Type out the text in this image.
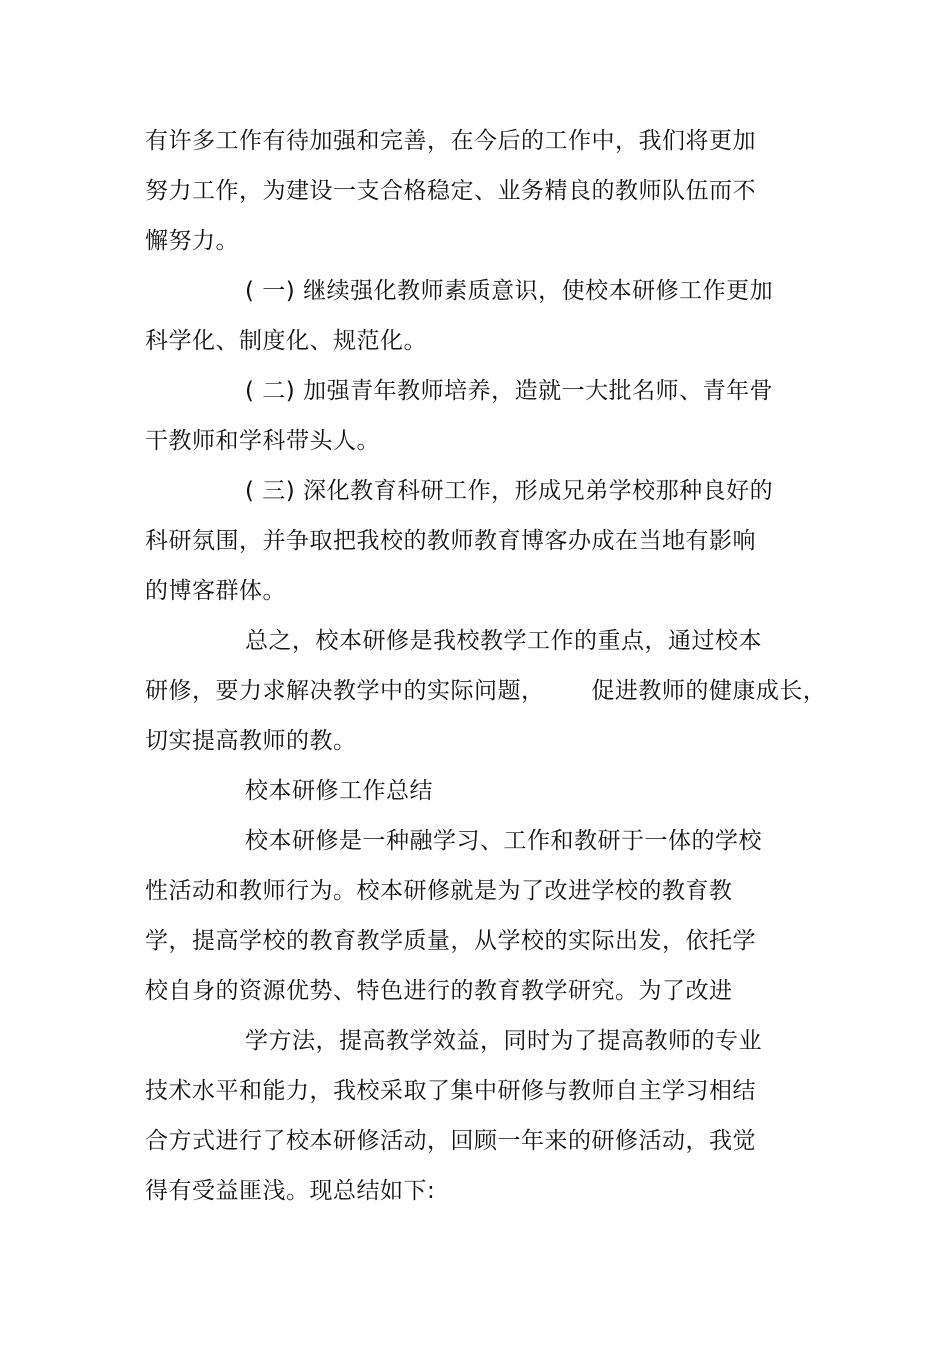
有许多工作有待加强和完善，在今后的工作中，我们将更加
努力工作，为建设一支合格稳定、业务精良的教师队伍而不
懈努力。
( 一) 继续强化教师素质意识，使校本研修工作更加
科学化、制度化、规范化。
( 二) 加强青年教师培养，造就一大批名师、青年骨
干教师和学科带头人。
( 三) 深化教育科研工作，形成兄弟学校那种良好的
科研氛围，并争取把我校的教师教育博客办成在当地有影响
的博客群体。
总之，校本研修是我校教学工作的重点，通过校本
研修，要力求解决教学中的实际问题，      促进教师的健康成长，
切实提高教师的教。
校本研修工作总结
校本研修是一种融学习、工作和教研于一体的学校
性活动和教师行为。校本研修就是为了改进学校的教育教
学，提高学校的教育教学质量，从学校的实际出发，依托学
校自身的资源优势、特色进行的教育教学研究。为了改进
学方法，提高教学效益，同时为了提高教师的专业
技术水平和能力，我校采取了集中研修与教师自主学习相结
合方式进行了校本研修活动，回顾一年来的研修活动，我觉
得有受益匪浅。现总结如下:
